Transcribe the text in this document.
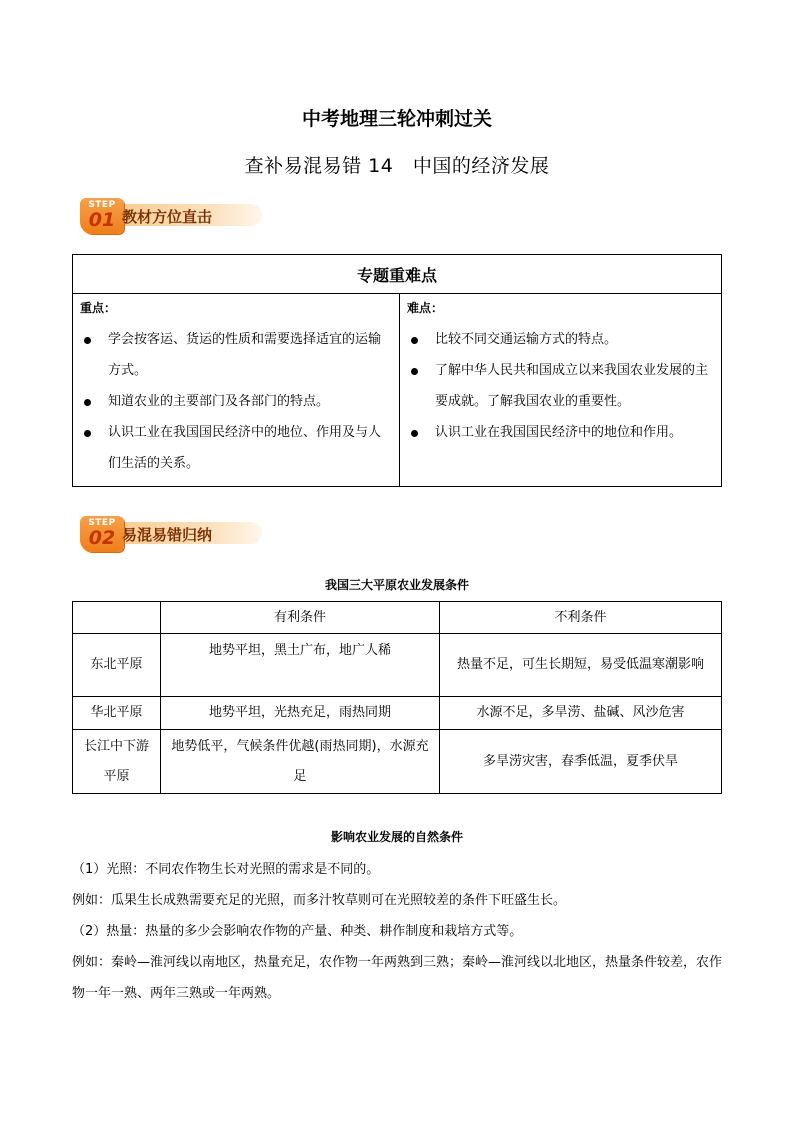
中考地理三轮冲刺过关
查补易混易错 14　中国的经济发展
STEP
01 教材方位直击
专题重难点

重点：
学会按客运、货运的性质和需要选择适宜的运输方式。
知道农业的主要部门及各部门的特点。
认识工业在我国国民经济中的地位、作用及与人们生活的关系。

难点：
比较不同交通运输方式的特点。
了解中华人民共和国成立以来我国农业发展的主要成就。了解我国农业的重要性。
认识工业在我国国民经济中的地位和作用。
STEP
02 易混易错归纳
我国三大平原农业发展条件
	有利条件	不利条件
东北平原	地势平坦，黑土广布，地广人稀	热量不足，可生长期短，易受低温寒潮影响
华北平原	地势平坦，光热充足，雨热同期	水源不足，多旱涝、盐碱、风沙危害
长江中下游平原	地势低平，气候条件优越(雨热同期)，水源充足	多旱涝灾害，春季低温，夏季伏旱
影响农业发展的自然条件
（1）光照：不同农作物生长对光照的需求是不同的。
例如：瓜果生长成熟需要充足的光照，而多汁牧草则可在光照较差的条件下旺盛生长。
（2）热量：热量的多少会影响农作物的产量、种类、耕作制度和栽培方式等。
例如：秦岭—淮河线以南地区，热量充足，农作物一年两熟到三熟；秦岭—淮河线以北地区，热量条件较差，农作物一年一熟、两年三熟或一年两熟。
